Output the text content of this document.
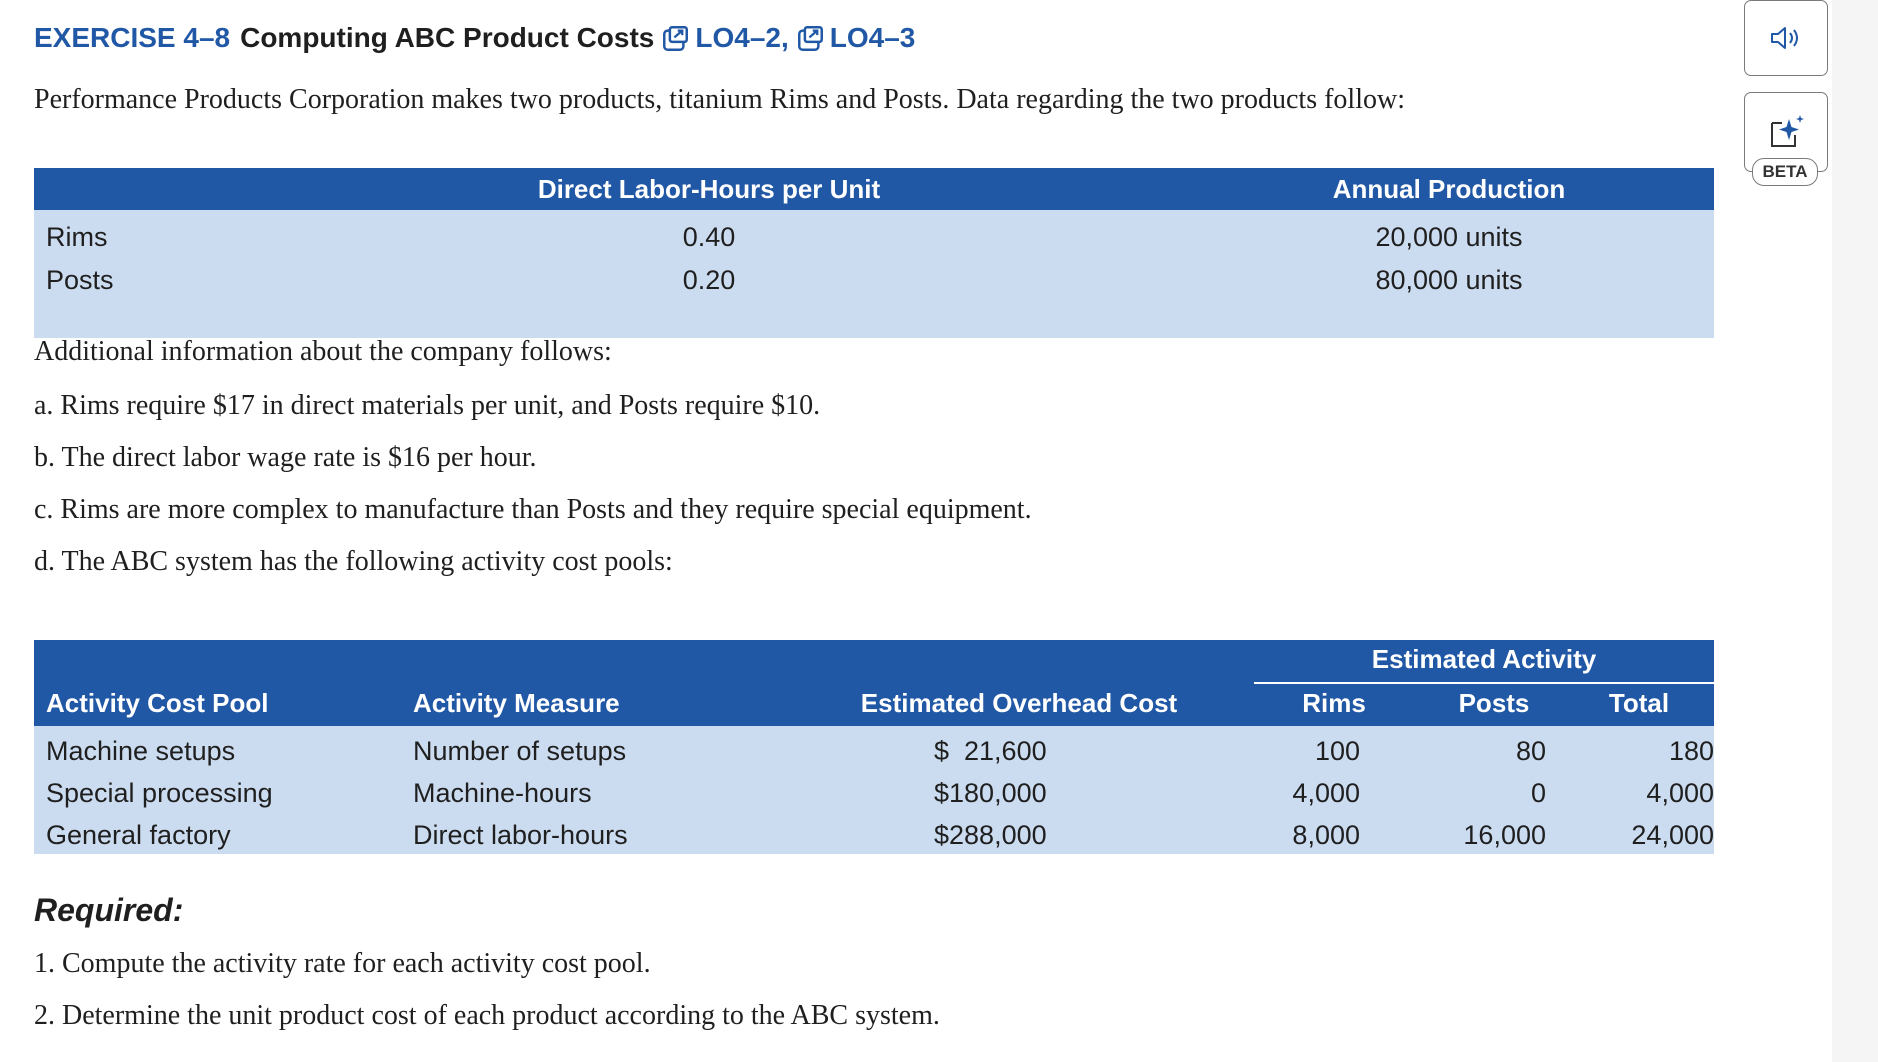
EXERCISE 4–8 Computing ABC Product Costs LO4–2, LO4–3
Performance Products Corporation makes two products, titanium Rims and Posts. Data regarding the two products follow:
Direct Labor-Hours per Unit	Annual Production
Rims	0.40	20,000 units
Posts	0.20	80,000 units
Additional information about the company follows:
a. Rims require $17 in direct materials per unit, and Posts require $10.
b. The direct labor wage rate is $16 per hour.
c. Rims are more complex to manufacture than Posts and they require special equipment.
d. The ABC system has the following activity cost pools:
Estimated Activity
Activity Cost Pool	Activity Measure	Estimated Overhead Cost	Rims	Posts	Total
Machine setups	Number of setups	$  21,600	100	80	180
Special processing	Machine-hours	$180,000	4,000	0	4,000
General factory	Direct labor-hours	$288,000	8,000	16,000	24,000
Required:
1. Compute the activity rate for each activity cost pool.
2. Determine the unit product cost of each product according to the ABC system.
BETA
